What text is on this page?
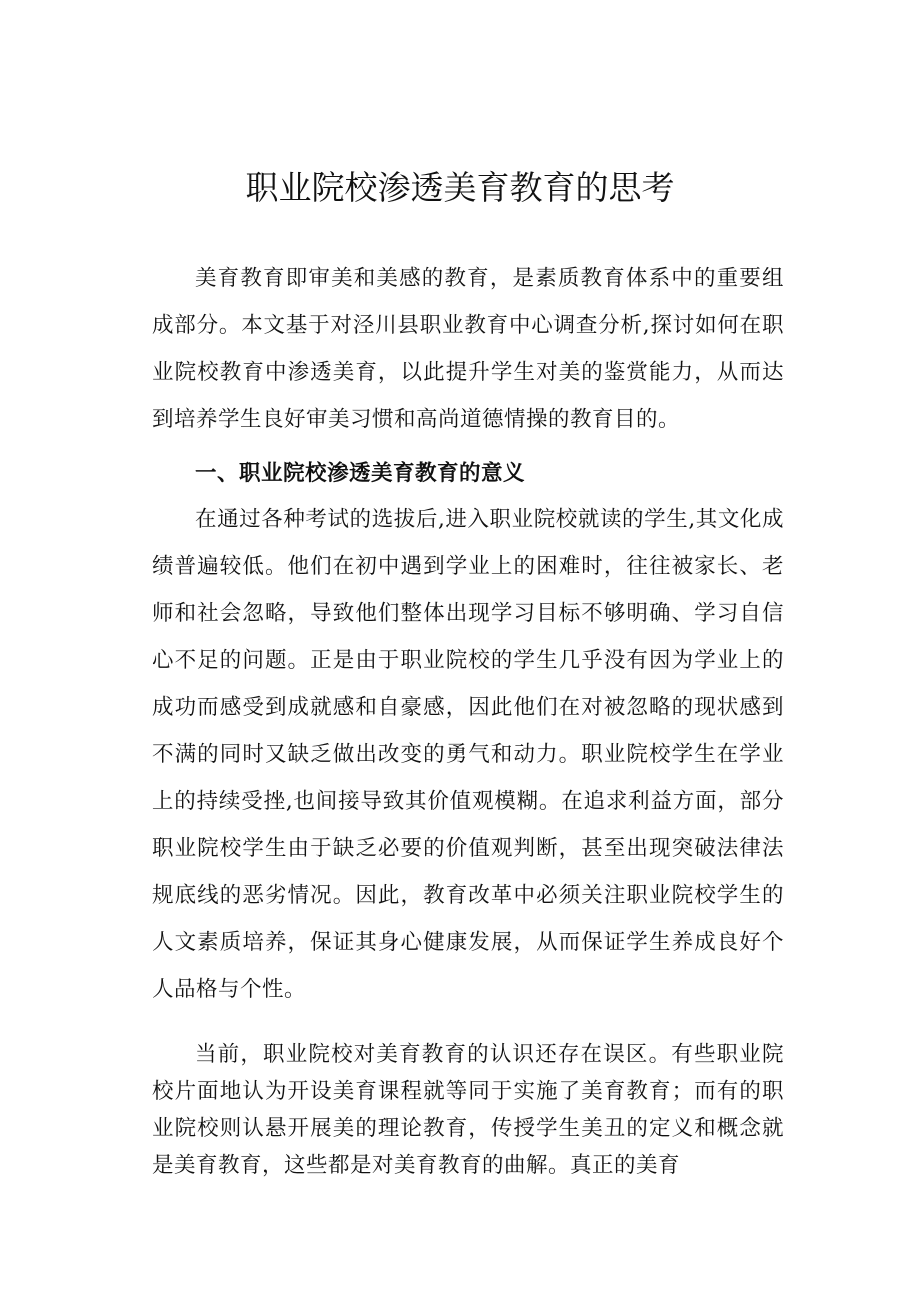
职业院校渗透美育教育的思考

美育教育即审美和美感的教育，是素质教育体系中的重要组成部分。本文基于对泾川县职业教育中心调查分析,探讨如何在职业院校教育中渗透美育，以此提升学生对美的鉴赏能力，从而达到培养学生良好审美习惯和高尚道德情操的教育目的。

一、职业院校渗透美育教育的意义

在通过各种考试的选拔后,进入职业院校就读的学生,其文化成绩普遍较低。他们在初中遇到学业上的困难时，往往被家长、老师和社会忽略，导致他们整体出现学习目标不够明确、学习自信心不足的问题。正是由于职业院校的学生几乎没有因为学业上的成功而感受到成就感和自豪感，因此他们在对被忽略的现状感到不满的同时又缺乏做出改变的勇气和动力。职业院校学生在学业上的持续受挫,也间接导致其价值观模糊。在追求利益方面，部分职业院校学生由于缺乏必要的价值观判断，甚至出现突破法律法规底线的恶劣情况。因此，教育改革中必须关注职业院校学生的人文素质培养，保证其身心健康发展，从而保证学生养成良好个人品格与个性。

当前，职业院校对美育教育的认识还存在误区。有些职业院校片面地认为开设美育课程就等同于实施了美育教育；而有的职业院校则认悬开展美的理论教育，传授学生美丑的定义和概念就是美育教育，这些都是对美育教育的曲解。真正的美育
